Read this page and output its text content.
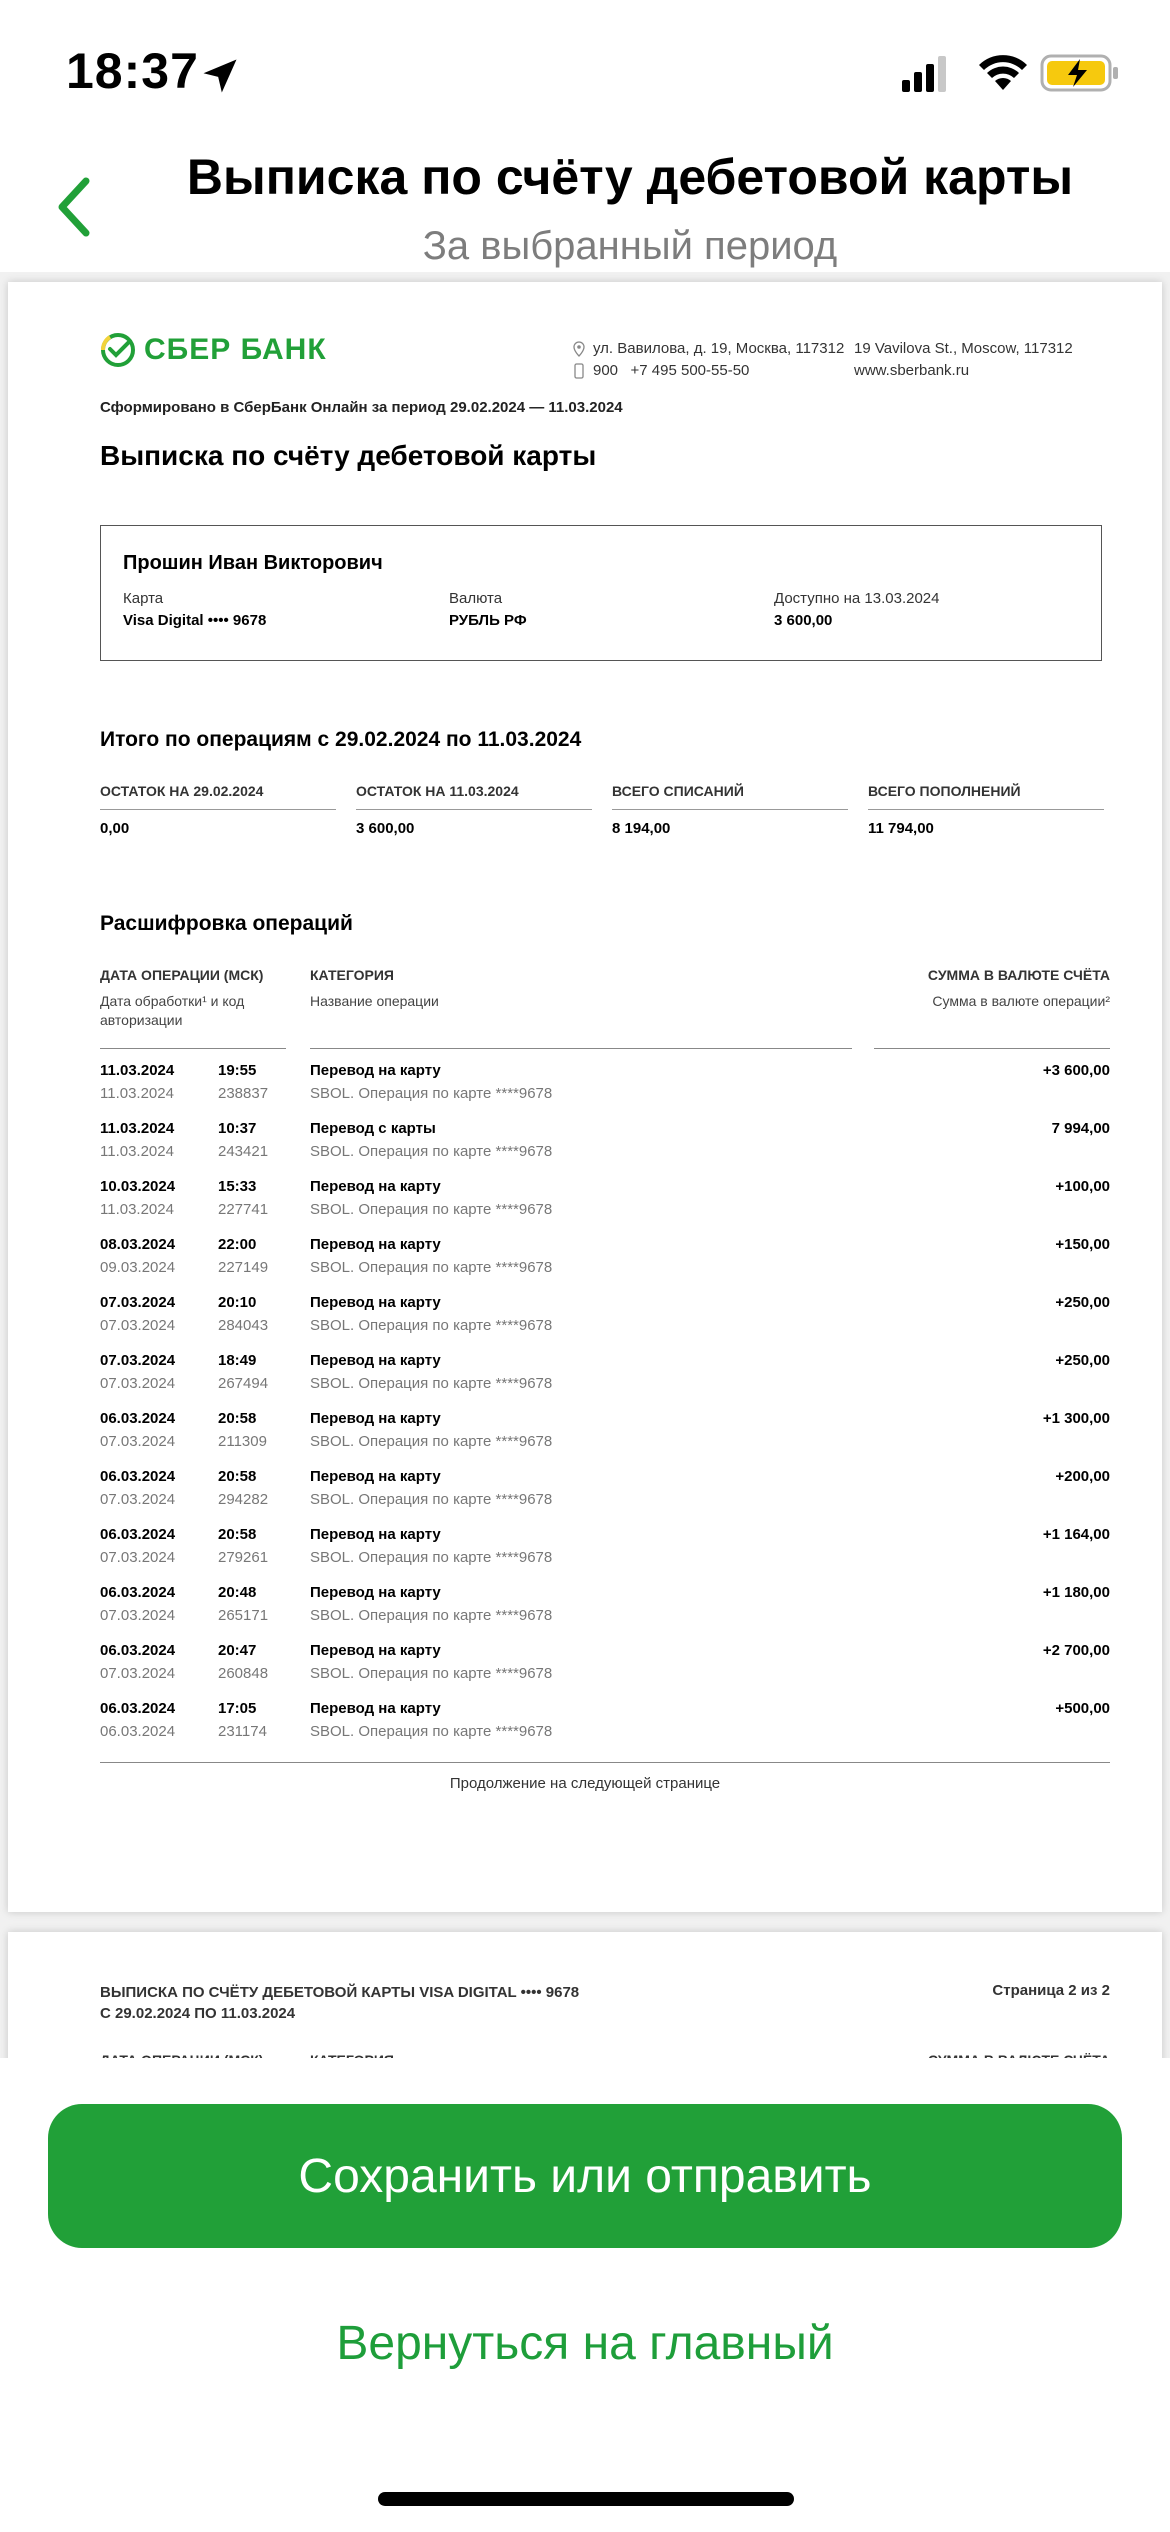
18:37
Выписка по счёту дебетовой карты
За выбранный период
СБЕР БАНК	ул. Вавилова, д. 19, Москва, 117312
900   +7 495 500-55-50
19 Vavilova St., Moscow, 117312
www.sberbank.ru
Сформировано в СберБанк Онлайн за период 29.02.2024 — 11.03.2024
Выписка по счёту дебетовой карты
Прошин Иван Викторович
Карта
Visa Digital •••• 9678
Валюта
РУБЛЬ РФ
Доступно на 13.03.2024
3 600,00
Итого по операциям с 29.02.2024 по 11.03.2024
ОСТАТОК НА 29.02.2024
0,00
ОСТАТОК НА 11.03.2024
3 600,00
ВСЕГО СПИСАНИЙ
8 194,00
ВСЕГО ПОПОЛНЕНИЙ
11 794,00
Расшифровка операций
ДАТА ОПЕРАЦИИ (МСК)
Дата обработки¹ и код авторизации
КАТЕГОРИЯ
Название операции
СУММА В ВАЛЮТЕ СЧЁТА
Сумма в валюте операции²
11.03.2024	19:55
11.03.2024	238837
Перевод на карту
SBOL. Операция по карте ****9678
+3 600,00
11.03.2024	10:37
11.03.2024	243421
Перевод с карты
SBOL. Операция по карте ****9678
7 994,00
10.03.2024	15:33
11.03.2024	227741
Перевод на карту
SBOL. Операция по карте ****9678
+100,00
08.03.2024	22:00
09.03.2024	227149
Перевод на карту
SBOL. Операция по карте ****9678
+150,00
07.03.2024	20:10
07.03.2024	284043
Перевод на карту
SBOL. Операция по карте ****9678
+250,00
07.03.2024	18:49
07.03.2024	267494
Перевод на карту
SBOL. Операция по карте ****9678
+250,00
06.03.2024	20:58
07.03.2024	211309
Перевод на карту
SBOL. Операция по карте ****9678
+1 300,00
06.03.2024	20:58
07.03.2024	294282
Перевод на карту
SBOL. Операция по карте ****9678
+200,00
06.03.2024	20:58
07.03.2024	279261
Перевод на карту
SBOL. Операция по карте ****9678
+1 164,00
06.03.2024	20:48
07.03.2024	265171
Перевод на карту
SBOL. Операция по карте ****9678
+1 180,00
06.03.2024	20:47
07.03.2024	260848
Перевод на карту
SBOL. Операция по карте ****9678
+2 700,00
06.03.2024	17:05
06.03.2024	231174
Перевод на карту
SBOL. Операция по карте ****9678
+500,00
Продолжение на следующей странице
ВЫПИСКА ПО СЧЁТУ ДЕБЕТОВОЙ КАРТЫ VISA DIGITAL •••• 9678
С 29.02.2024 ПО 11.03.2024
Страница 2 из 2
Сохранить или отправить
Вернуться на главный
